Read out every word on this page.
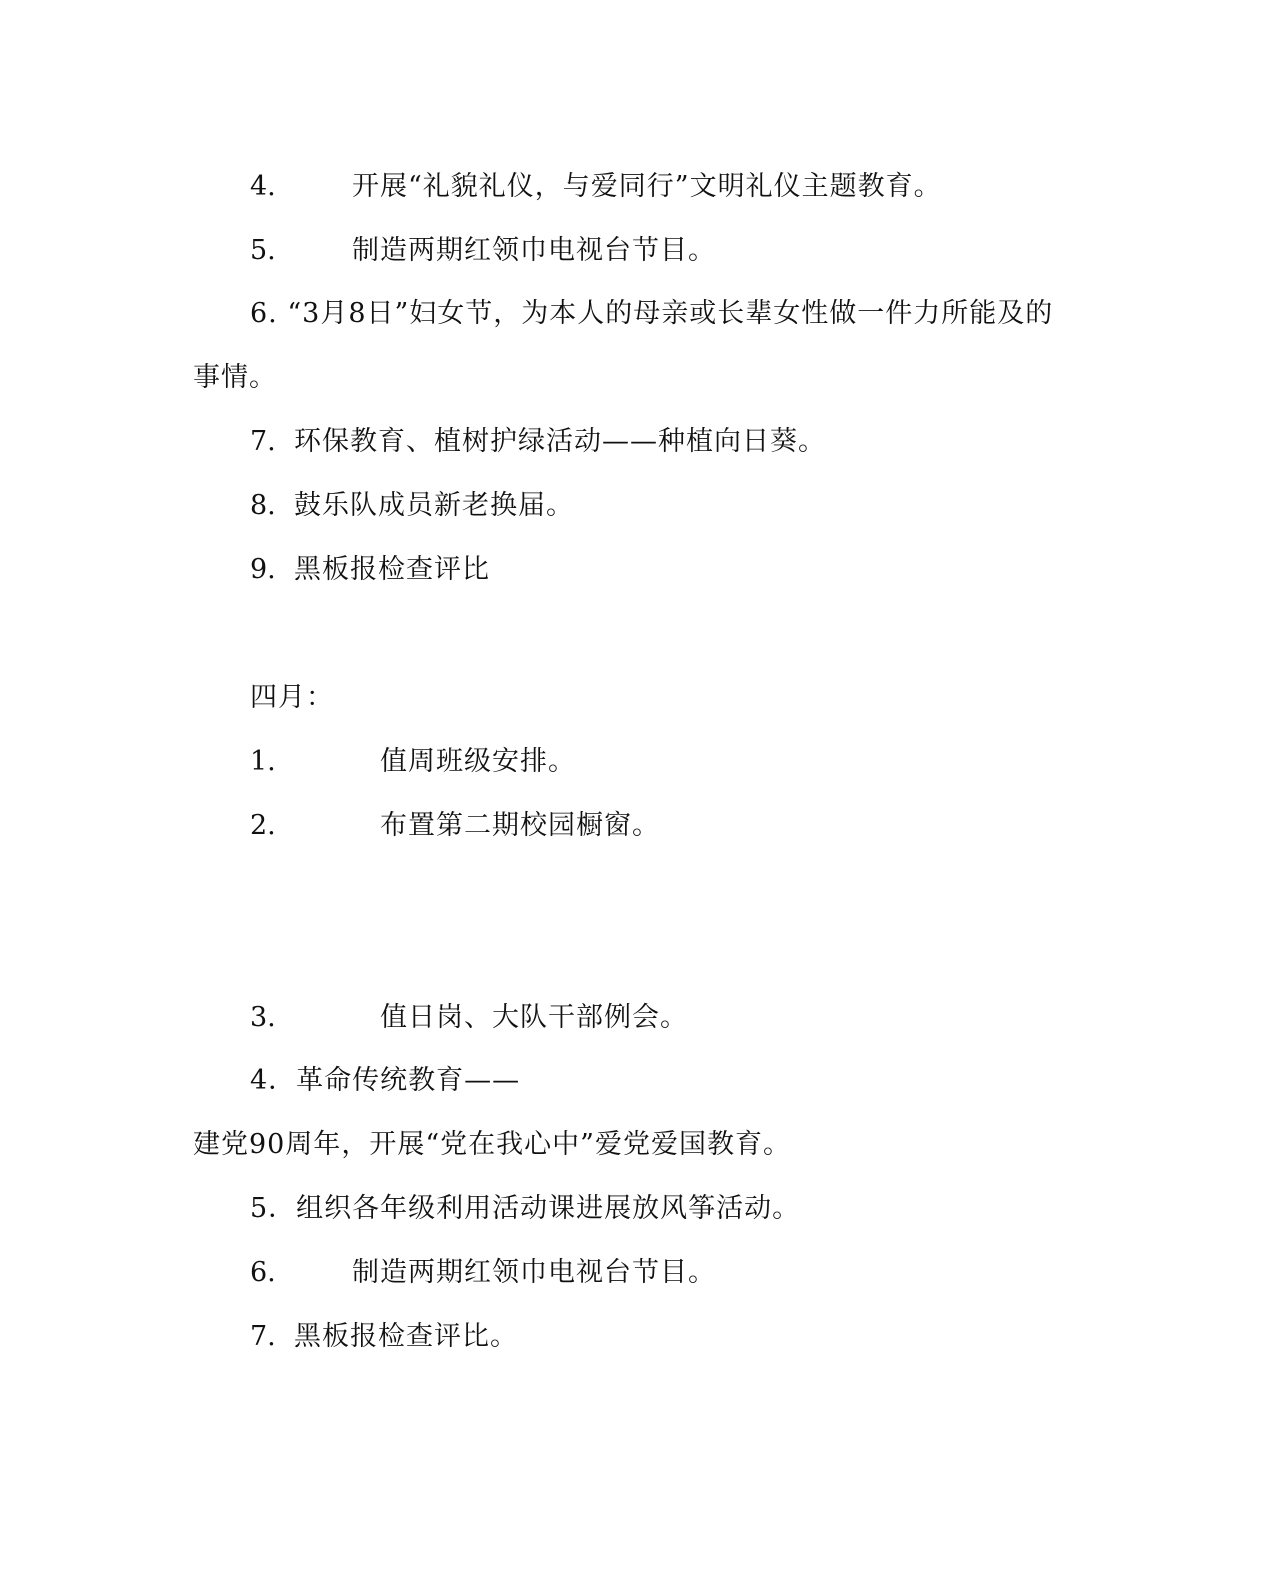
4.	开展“礼貌礼仪，与爱同行”文明礼仪主题教育。
5.	制造两期红领巾电视台节目。
6. “3月8日”妇女节，为本人的母亲或长辈女性做一件力所能及的
事情。
7. 环保教育、植树护绿活动——种植向日葵。
8. 鼓乐队成员新老换届。
9. 黑板报检查评比
四月：
1.	值周班级安排。
2.	布置第二期校园橱窗。
3.	值日岗、大队干部例会。
4．革命传统教育——
建党90周年，开展“党在我心中”爱党爱国教育。
5．组织各年级利用活动课进展放风筝活动。
6.	制造两期红领巾电视台节目。
7. 黑板报检查评比。
